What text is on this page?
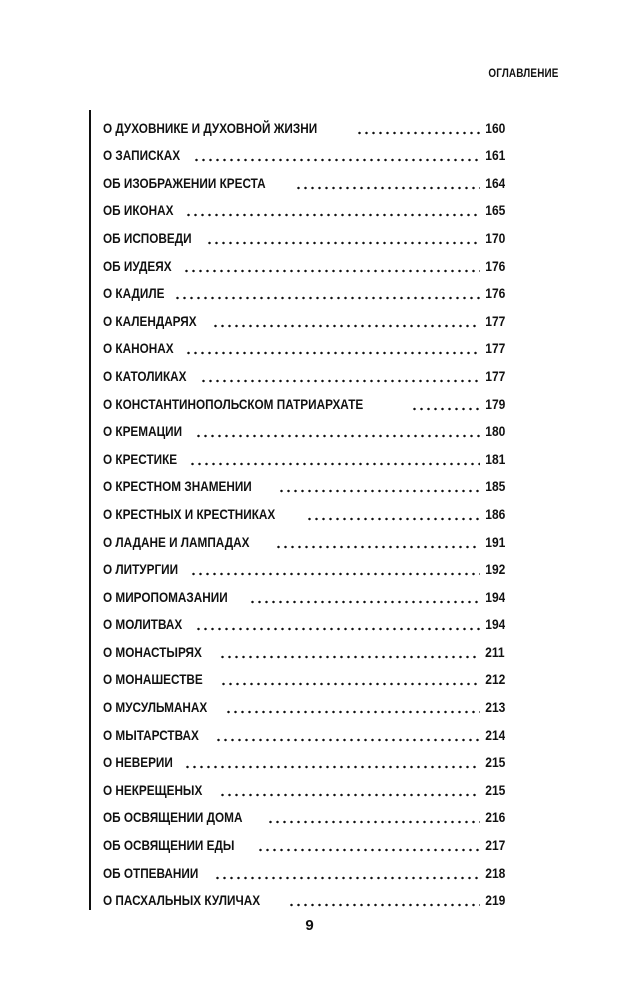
ОГЛАВЛЕНИЕ
О ДУХОВНИКЕ И ДУХОВНОЙ ЖИЗНИ	160
О ЗАПИСКАХ	161
ОБ ИЗОБРАЖЕНИИ КРЕСТА	164
ОБ ИКОНАХ	165
ОБ ИСПОВЕДИ	170
ОБ ИУДЕЯХ	176
О КАДИЛЕ	176
О КАЛЕНДАРЯХ	177
О КАНОНАХ	177
О КАТОЛИКАХ	177
О КОНСТАНТИНОПОЛЬСКОМ ПАТРИАРХАТЕ	179
О КРЕМАЦИИ	180
О КРЕСТИКЕ	181
О КРЕСТНОМ ЗНАМЕНИИ	185
О КРЕСТНЫХ И КРЕСТНИКАХ	186
О ЛАДАНЕ И ЛАМПАДАХ	191
О ЛИТУРГИИ	192
О МИРОПОМАЗАНИИ	194
О МОЛИТВАХ	194
О МОНАСТЫРЯХ	211
О МОНАШЕСТВЕ	212
О МУСУЛЬМАНАХ	213
О МЫТАРСТВАХ	214
О НЕВЕРИИ	215
О НЕКРЕЩЕНЫХ	215
ОБ ОСВЯЩЕНИИ ДОМА	216
ОБ ОСВЯЩЕНИИ ЕДЫ	217
ОБ ОТПЕВАНИИ	218
О ПАСХАЛЬНЫХ КУЛИЧАХ	219
9
